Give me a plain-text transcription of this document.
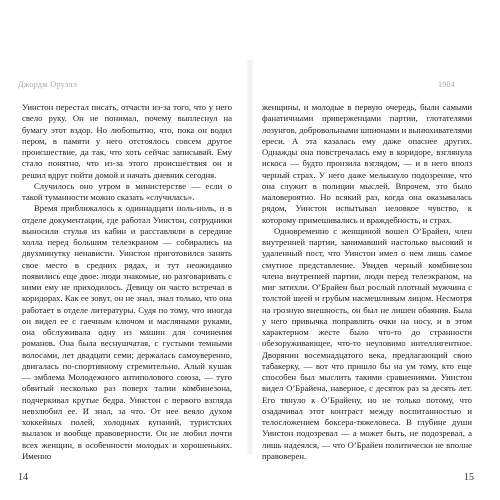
Джордж Оруэлл	1984

Уинстон перестал писать, отчасти из-за того, что у него свело руку. Он не понимал, почему выплеснул на бумагу этот вздор. Но любопытно, что, пока он водил пером, в памяти у него отстоялось совсем другое происшествие, да так, что хоть сейчас записывай. Ему стало понятно, что из-за этого происшествия он и решил вдруг пойти домой и начать дневник сегодня.

Случилось оно утром в министерстве — если о такой туманности можно сказать «случилась».

Время приближалось к одиннадцати ноль-ноль, и в отделе документации, где работал Уинстон, сотрудники выносили стулья из кабин и расставляли в середине холла перед большим телеэкраном — собирались на двухминутку ненависти. Уинстон приготовился занять свое место в средних рядах, и тут неожиданно появились еще двое: люди знакомые, но разговаривать с ними ему не приходилось. Девицу он часто встречал в коридорах. Как ее зовут, он не знал, знал только, что она работает в отделе литературы. Судя по тому, что иногда он видел ее с гаечным ключом и масляными руками, она обслуживала одну из машин для сочинения романов. Она была веснушчатая, с густыми темными волосами, лет двадцати семи; держалась самоуверенно, двигалась по-спортивному стремительно. Алый кушак — эмблема Молодежного антиполового союза, — туго обвитый несколько раз поверх талии комбинезона, подчеркивал крутые бедра. Уинстон с первого взгляда невзлюбил ее. И знал, за что. От нее веяло духом хоккейных полей, холодных купаний, туристских вылазок и вообще правоверности. Он не любил почти всех женщин, в особенности молодых и хорошеньких. Именно

женщины, и молодые в первую очередь, были самыми фанатичными приверженцами партии, глотателями лозунгов, добровольными шпионами и вынюхивателями ереси. А эта казалась ему даже опаснее других. Однажды она повстречалась ему в коридоре, взглянула искоса — будто пронзила взглядом, — и в него вполз черный страх. У него даже мелькнуло подозрение, что она служит в полиции мыслей. Впрочем, это было маловероятно. Но всякий раз, когда она оказывалась рядом, Уинстон испытывал неловкое чувство, к которому примешивались и враждебность, и страх.

Одновременно с женщиной вошел О’Брайен, член внутренней партии, занимавший настолько высокий и удаленный пост, что Уинстон имел о нем лишь самое смутное представление. Увидев черный комбинезон члена внутренней партии, люди перед телеэкраном, на миг затихли. О’Брайен был рослый плотный мужчина с толстой шеей и грубым насмешливым лицом. Несмотря на грозную внешность, он был не лишен обаяния. Была у него привычка поправлять очки на носу, и в этом характерном жесте было что-то до странности обезоруживающее, что-то неуловимо интеллигентное. Дворянин восемнадцатого века, предлагающий свою табакерку, — вот что пришло бы на ум тому, кто еще способен был мыслить такими сравнениями. Уинстон видел О’Брайена, наверное, с десяток раз за десять лет. Его тянуло к О’Брайену, но не только потому, что озадачивал этот контраст между воспитанностью и телосложением боксера-тяжеловеса. В глубине души Уинстон подозревал — а может быть, не подозревал, а лишь надеялся, — что О’Брайен политически не вполне правоверен.

14	15
